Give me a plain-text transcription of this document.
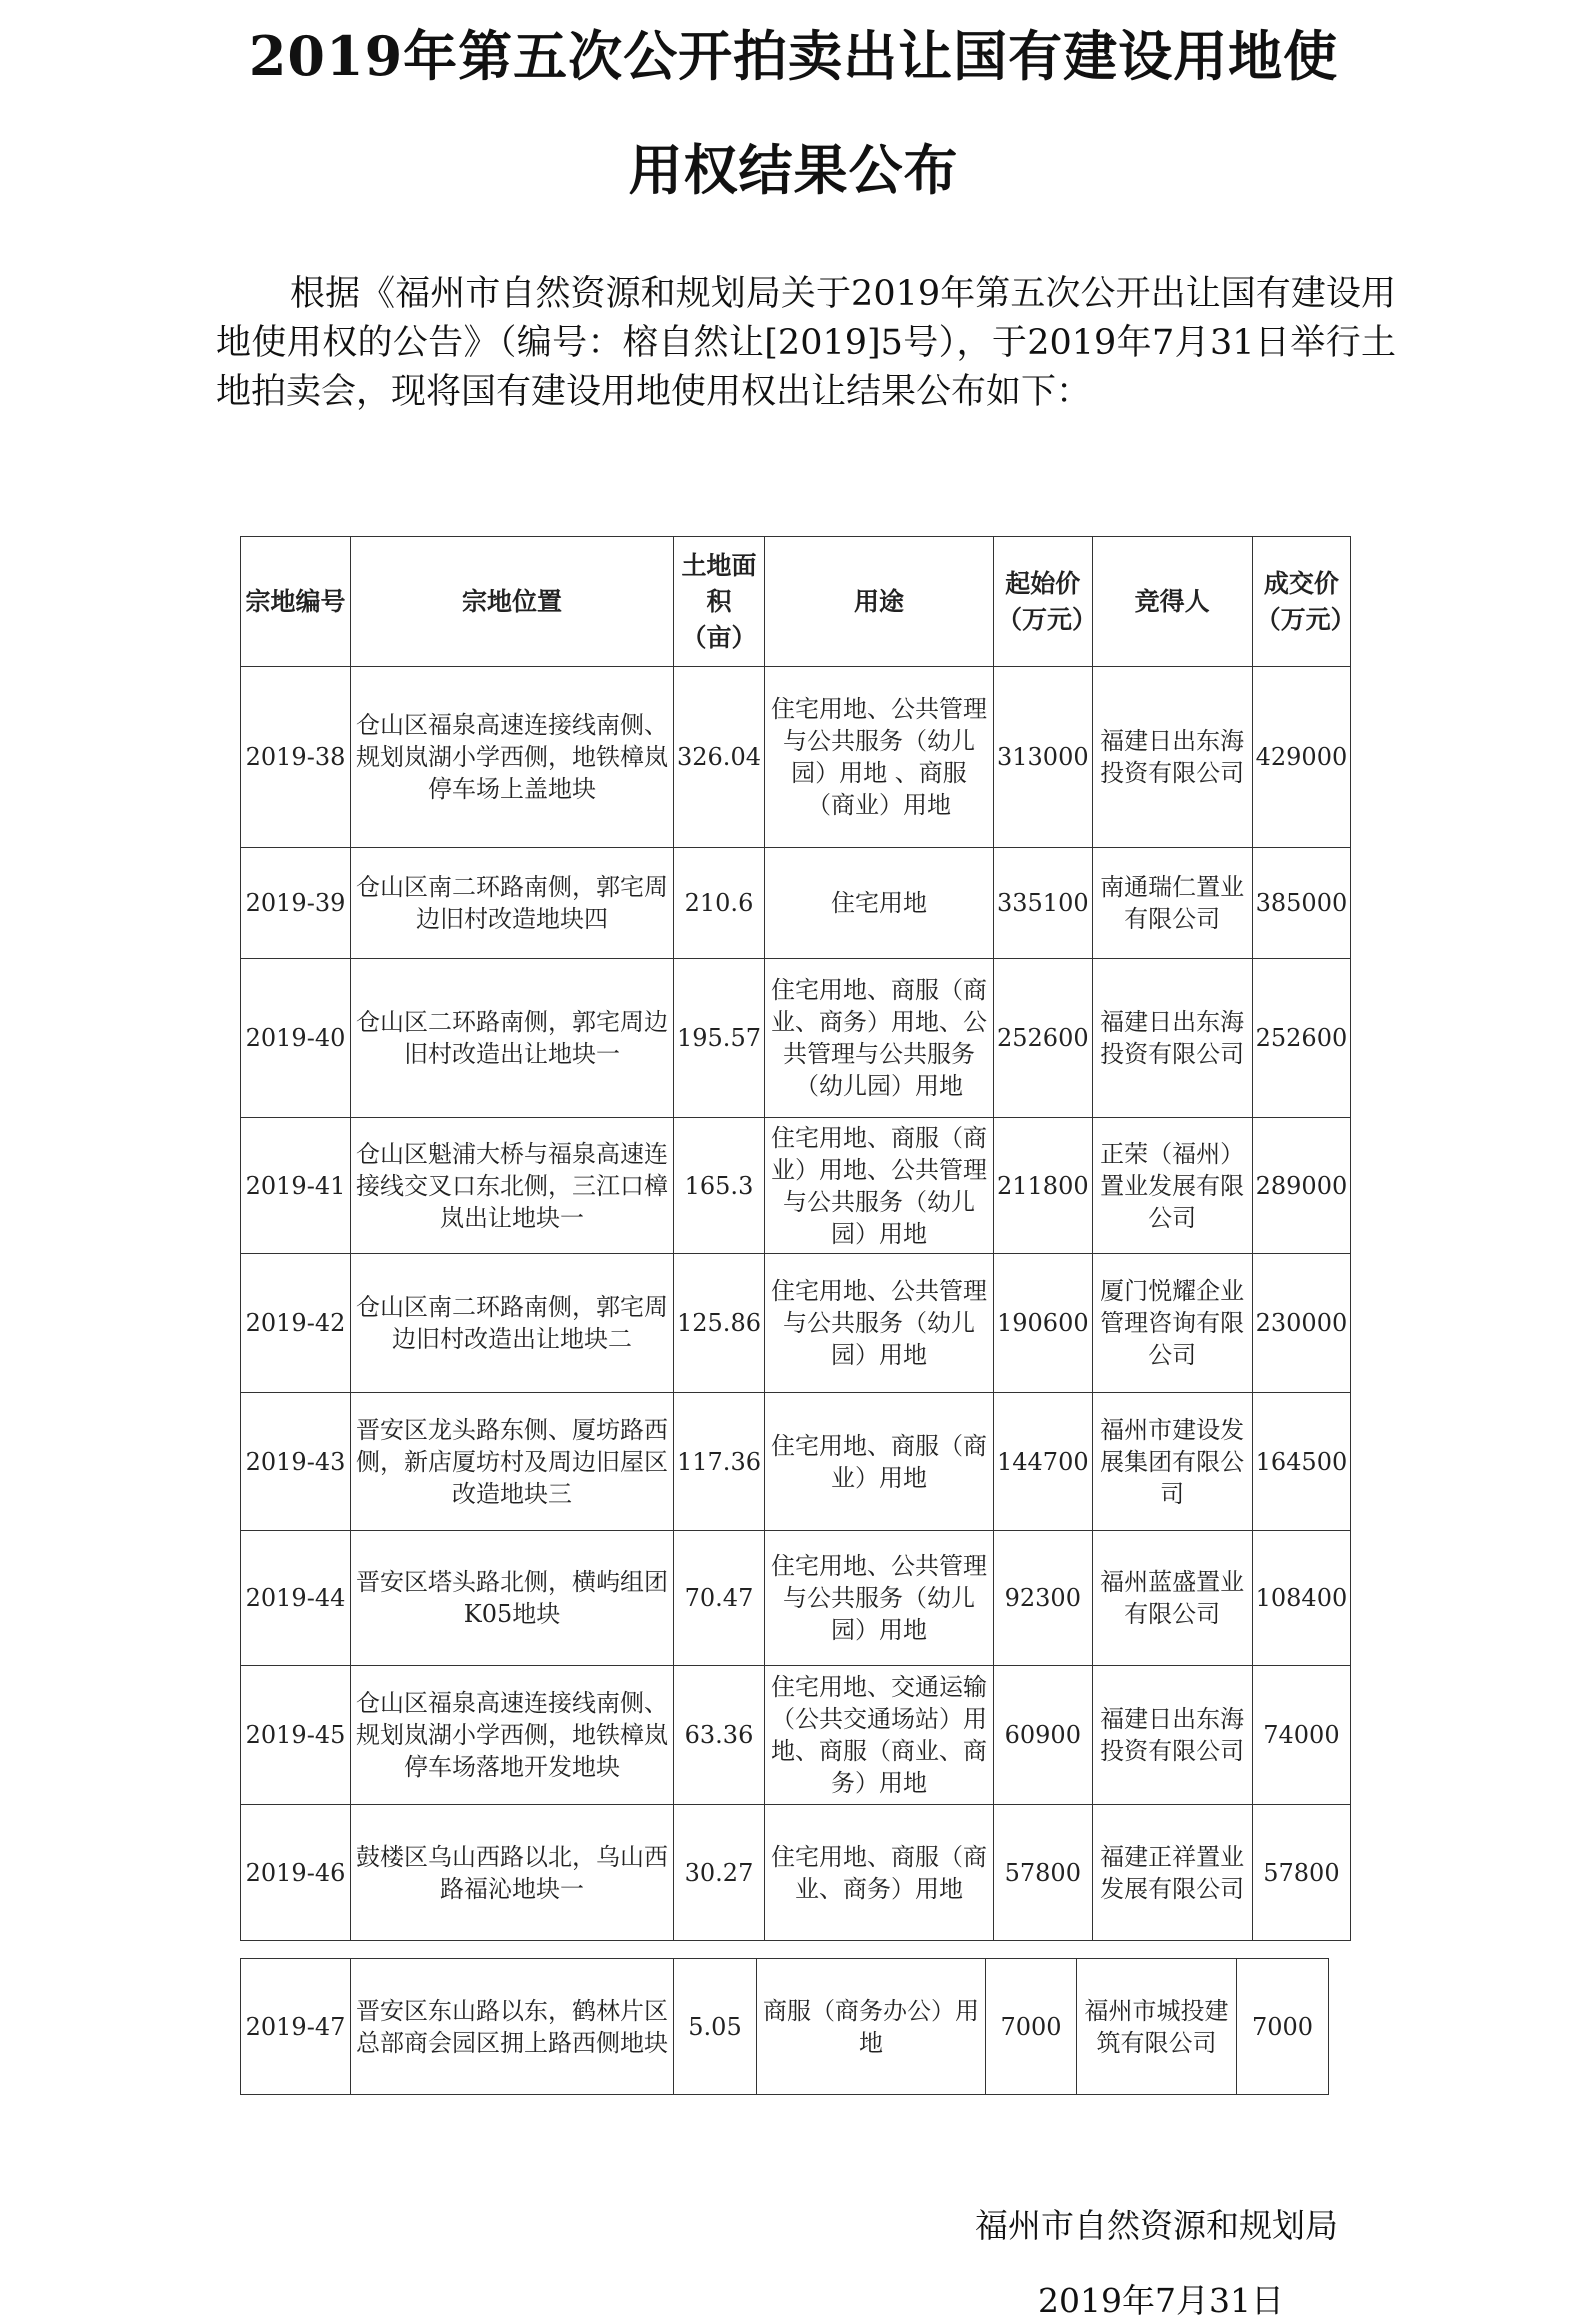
2019年第五次公开拍卖出让国有建设用地使
用权结果公布

根据《福州市自然资源和规划局关于2019年第五次公开出让国有建设用地使用权的公告》（编号：榕自然让[2019]5号），于2019年7月31日举行土地拍卖会，现将国有建设用地使用权出让结果公布如下：

宗地编号	宗地位置	土地面积（亩）	用途	起始价（万元）	竞得人	成交价（万元）
2019-38	仓山区福泉高速连接线南侧、规划岚湖小学西侧，地铁樟岚停车场上盖地块	326.04	住宅用地、公共管理与公共服务（幼儿园）用地 、商服（商业）用地	313000	福建日出东海投资有限公司	429000
2019-39	仓山区南二环路南侧，郭宅周边旧村改造地块四	210.6	住宅用地	335100	南通瑞仁置业有限公司	385000
2019-40	仓山区二环路南侧，郭宅周边旧村改造出让地块一	195.57	住宅用地、商服（商业、商务）用地、公共管理与公共服务（幼儿园）用地	252600	福建日出东海投资有限公司	252600
2019-41	仓山区魁浦大桥与福泉高速连接线交叉口东北侧，三江口樟岚出让地块一	165.3	住宅用地、商服（商业）用地、公共管理与公共服务（幼儿园）用地	211800	正荣（福州）置业发展有限公司	289000
2019-42	仓山区南二环路南侧，郭宅周边旧村改造出让地块二	125.86	住宅用地、公共管理与公共服务（幼儿园）用地	190600	厦门悦耀企业管理咨询有限公司	230000
2019-43	晋安区龙头路东侧、厦坊路西侧，新店厦坊村及周边旧屋区改造地块三	117.36	住宅用地、商服（商业）用地	144700	福州市建设发展集团有限公司	164500
2019-44	晋安区塔头路北侧，横屿组团K05地块	70.47	住宅用地、公共管理与公共服务（幼儿园）用地	92300	福州蓝盛置业有限公司	108400
2019-45	仓山区福泉高速连接线南侧、规划岚湖小学西侧，地铁樟岚停车场落地开发地块	63.36	住宅用地、交通运输（公共交通场站）用地、商服（商业、商务）用地	60900	福建日出东海投资有限公司	74000
2019-46	鼓楼区乌山西路以北，乌山西路福沁地块一	30.27	住宅用地、商服（商业、商务）用地	57800	福建正祥置业发展有限公司	57800
2019-47	晋安区东山路以东，鹤林片区总部商会园区拥上路西侧地块	5.05	商服（商务办公）用地	7000	福州市城投建筑有限公司	7000
福州市自然资源和规划局
2019年7月31日
